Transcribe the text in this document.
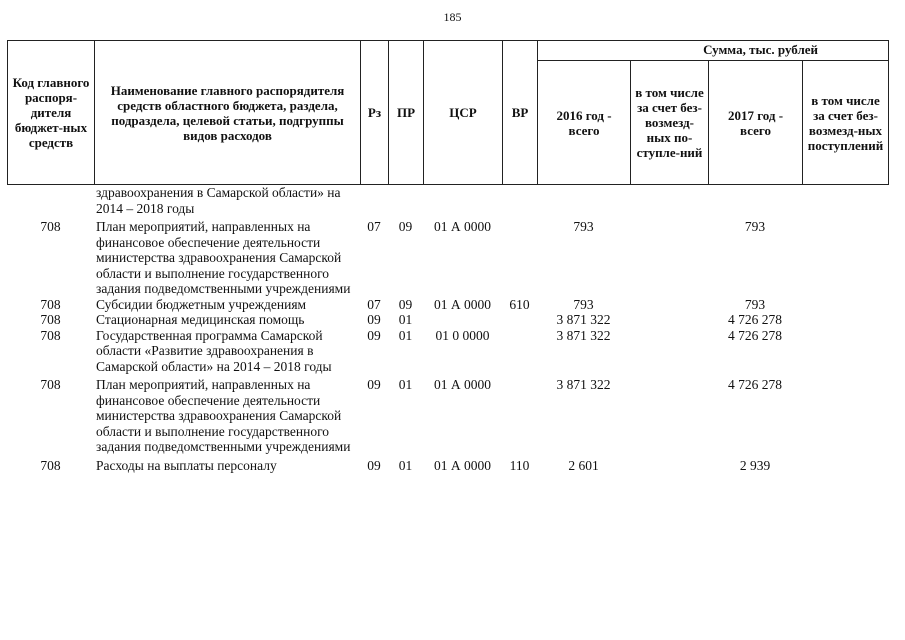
185
Код главного распоря-дителя бюджет-ных средств	Наименование главного распорядителя средств областного бюджета, раздела, подраздела, целевой статьи, подгруппы видов расходов	Рз	ПР	ЦСР	ВР	Сумма, тыс. рублей			
						2016 год - всего	в том числе за счет без-возмезд-ных по-ступле-ний	2017 год - всего	в том числе за счет без-возмезд-ных поступлений
	здравоохранения в Самарской области» на 2014 – 2018 годы								
708	План мероприятий, направленных на финансовое обеспечение деятельности министерства здравоохранения Самарской области и выполнение государственного задания подведомственными учреждениями	07	09	01 А 0000		793		793	
708	Субсидии бюджетным учреждениям	07	09	01 А 0000	610	793		793	
708	Стационарная медицинская помощь	09	01			3 871 322		4 726 278	
708	Государственная программа Самарской области «Развитие здравоохранения в Самарской области» на 2014 – 2018 годы	09	01	01 0 0000		3 871 322		4 726 278	
708	План мероприятий, направленных на финансовое обеспечение деятельности министерства здравоохранения Самарской области и выполнение государственного задания подведомственными учреждениями	09	01	01 А 0000		3 871 322		4 726 278	
708	Расходы на выплаты персоналу	09	01	01 А 0000	110	2 601		2 939	
